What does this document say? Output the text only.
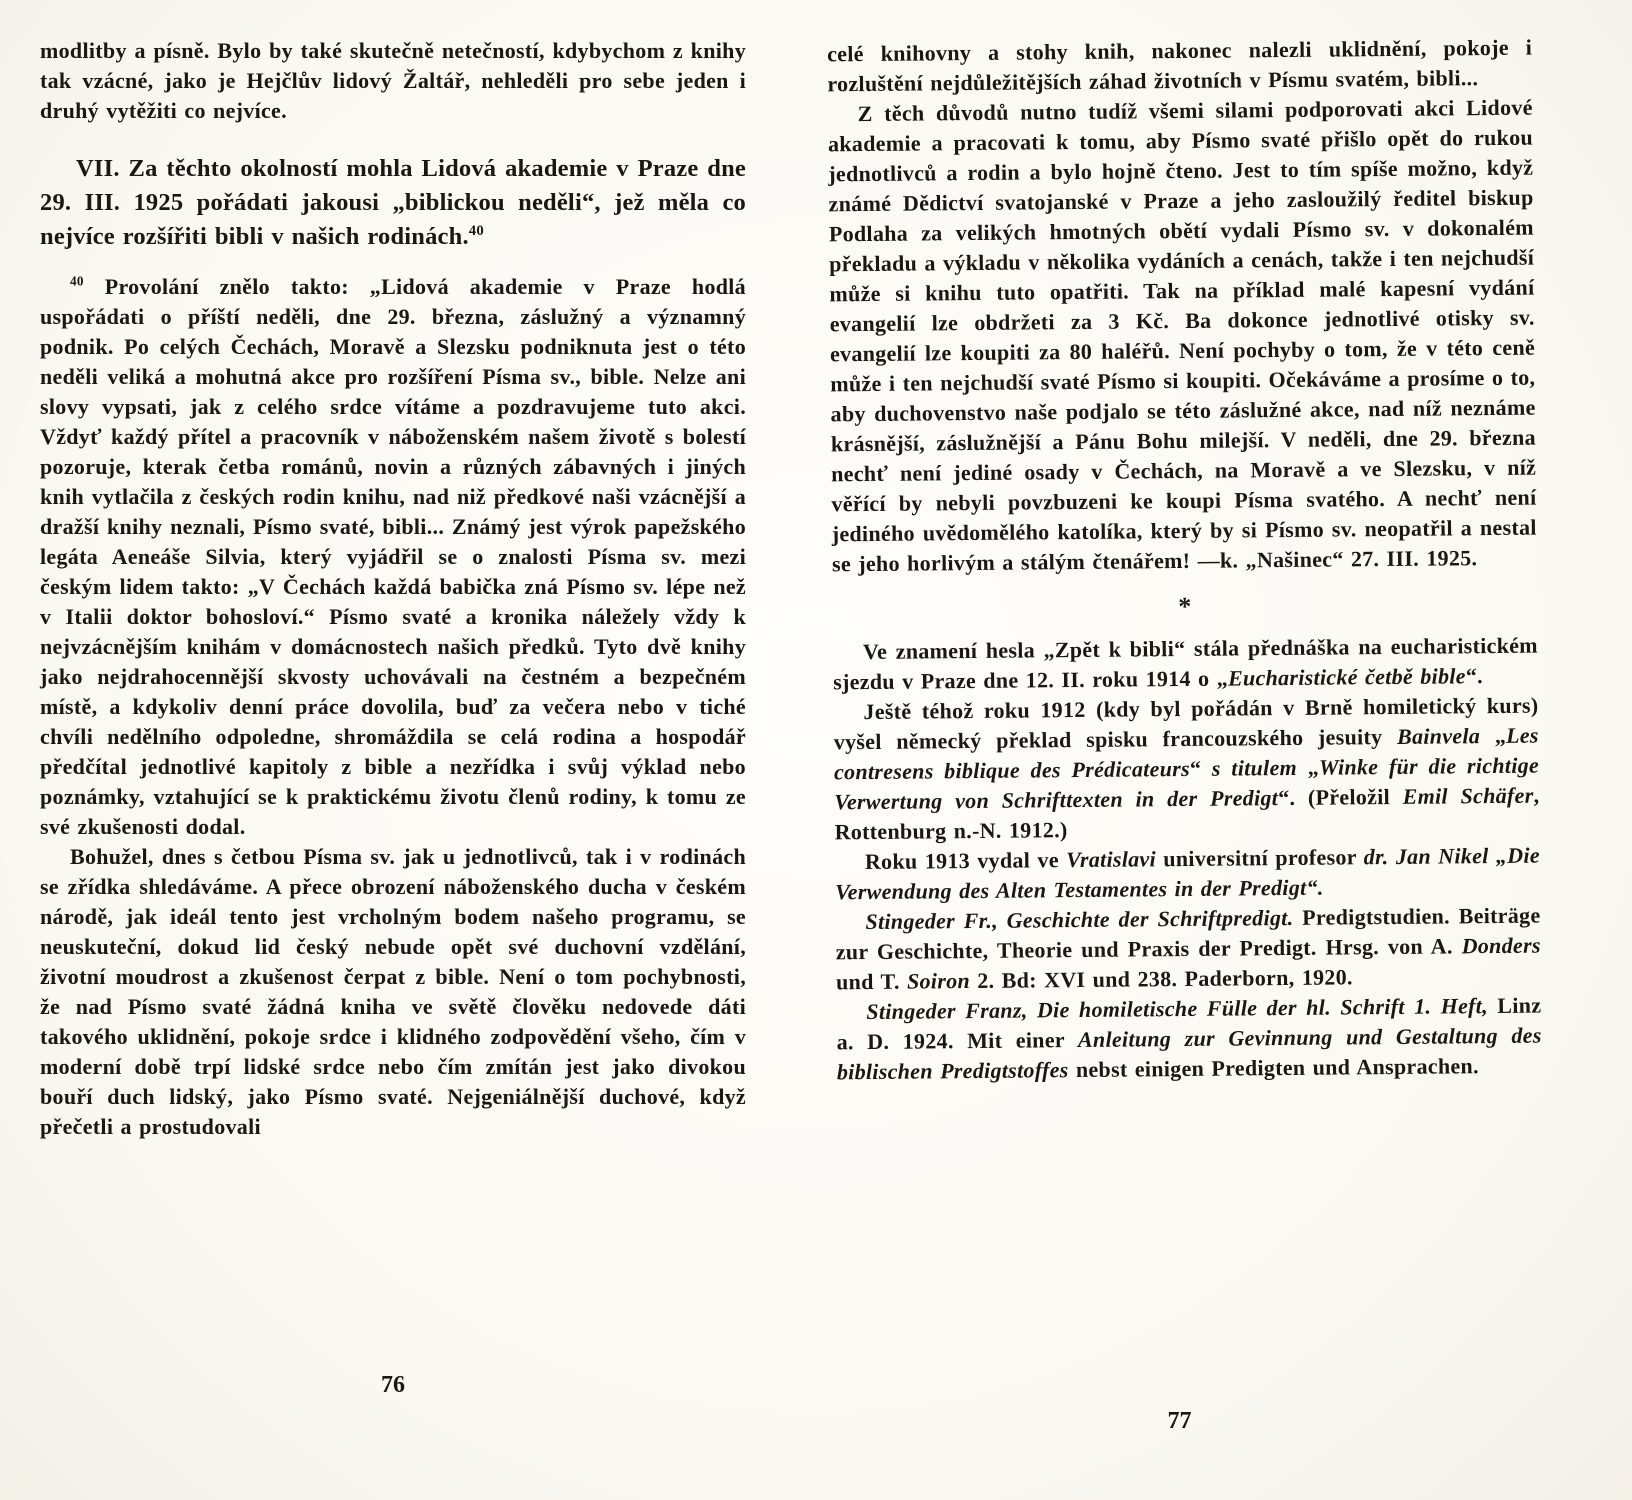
modlitby a písně. Bylo by také skutečně netečností, kdybychom z knihy tak vzácné, jako je Hejčlův lidový Žaltář, nehleděli pro sebe jeden i druhý vytěžiti co nejvíce.

VII. Za těchto okolností mohla Lidová akademie v Praze dne 29. III. 1925 pořádati jakousi „biblickou neděli“, jež měla co nejvíce rozšířiti bibli v našich rodinách.$^{40}$

$^{40}$ Provolání znělo takto: „Lidová akademie v Praze hodlá uspořádati o příští neděli, dne 29. března, záslužný a významný podnik. Po celých Čechách, Moravě a Slezsku podniknuta jest o této neděli veliká a mohutná akce pro rozšíření Písma sv., bible. Nelze ani slovy vypsati, jak z celého srdce vítáme a pozdravujeme tuto akci. Vždyť každý přítel a pracovník v náboženském našem životě s bolestí pozoruje, kterak četba románů, novin a různých zábavných i jiných knih vytlačila z českých rodin knihu, nad niž předkové naši vzácnější a dražší knihy neznali, Písmo svaté, bibli... Známý jest výrok papežského legáta Aeneáše Silvia, který vyjádřil se o znalosti Písma sv. mezi českým lidem takto: „V Čechách každá babička zná Písmo sv. lépe než v Italii doktor bohosloví.“ Písmo svaté a kronika náležely vždy k nejvzácnějším knihám v domácnostech našich předků. Tyto dvě knihy jako nejdrahocennější skvosty uchovávali na čestném a bezpečném místě, a kdykoliv denní práce dovolila, buď za večera nebo v tiché chvíli nedělního odpoledne, shromáždila se celá rodina a hospodář předčítal jednotlivé kapitoly z bible a nezřídka i svůj výklad nebo poznámky, vztahující se k praktickému životu členů rodiny, k tomu ze své zkušenosti dodal.

Bohužel, dnes s četbou Písma sv. jak u jednotlivců, tak i v rodinách se zřídka shledáváme. A přece obrození náboženského ducha v českém národě, jak ideál tento jest vrcholným bodem našeho programu, se neuskuteční, dokud lid český nebude opět své duchovní vzdělání, životní moudrost a zkušenost čerpat z bible. Není o tom pochybnosti, že nad Písmo svaté žádná kniha ve světě člověku nedovede dáti takového uklidnění, pokoje srdce i klidného zodpovědění všeho, čím v moderní době trpí lidské srdce nebo čím zmítán jest jako divokou bouří duch lidský, jako Písmo svaté. Nejgeniálnější duchové, když přečetli a prostudovali

celé knihovny a stohy knih, nakonec nalezli uklidnění, pokoje i rozluštění nejdůležitějších záhad životních v Písmu svatém, bibli...

Z těch důvodů nutno tudíž všemi silami podporovati akci Lidové akademie a pracovati k tomu, aby Písmo svaté přišlo opět do rukou jednotlivců a rodin a bylo hojně čteno. Jest to tím spíše možno, když známé Dědictví svatojanské v Praze a jeho zasloužilý ředitel biskup Podlaha za velikých hmotných obětí vydali Písmo sv. v dokonalém překladu a výkladu v několika vydáních a cenách, takže i ten nejchudší může si knihu tuto opatřiti. Tak na příklad malé kapesní vydání evangelií lze obdržeti za 3 Kč. Ba dokonce jednotlivé otisky sv. evangelií lze koupiti za 80 haléřů. Není pochyby o tom, že v této ceně může i ten nejchudší svaté Písmo si koupiti. Očekáváme a prosíme o to, aby duchovenstvo naše podjalo se této záslužné akce, nad níž neznáme krásnější, záslužnější a Pánu Bohu milejší. V neděli, dne 29. března nechť není jediné osady v Čechách, na Moravě a ve Slezsku, v níž věřící by nebyli povzbuzeni ke koupi Písma svatého. A nechť není jediného uvědomělého katolíka, který by si Písmo sv. neopatřil a nestal se jeho horlivým a stálým čtenářem! —k. „Našinec“ 27. III. 1925.

*

Ve znamení hesla „Zpět k bibli“ stála přednáška na eucharistickém sjezdu v Praze dne 12. II. roku 1914 o „Eucharistické četbě bible“.

Ještě téhož roku 1912 (kdy byl pořádán v Brně homiletický kurs) vyšel německý překlad spisku francouzského jesuity Bainvela „Les contresens biblique des Prédicateurs“ s titulem „Winke für die richtige Verwertung von Schrifttexten in der Predigt“. (Přeložil Emil Schäfer, Rottenburg n.-N. 1912.)

Roku 1913 vydal ve Vratislavi universitní profesor dr. Jan Nikel „Die Verwendung des Alten Testamentes in der Predigt“.

Stingeder Fr., Geschichte der Schriftpredigt. Predigtstudien. Beiträge zur Geschichte, Theorie und Praxis der Predigt. Hrsg. von A. Donders und T. Soiron 2. Bd: XVI und 238. Paderborn, 1920.

Stingeder Franz, Die homiletische Fülle der hl. Schrift 1. Heft, Linz a. D. 1924. Mit einer Anleitung zur Gevinnung und Gestaltung des biblischen Predigtstoffes nebst einigen Predigten und Ansprachen.

76
77
